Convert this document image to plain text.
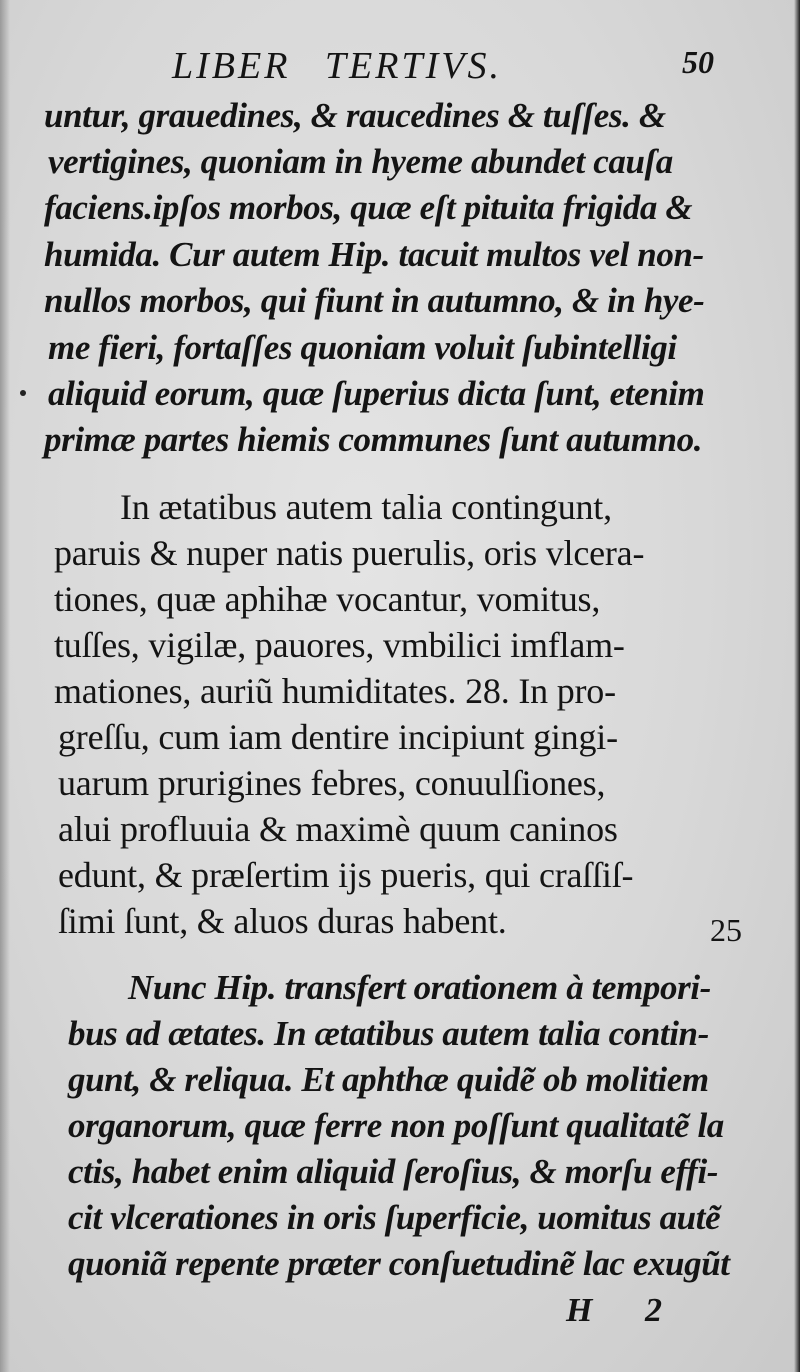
LIBER TERTIVS.	50

untur, grauedines, & raucedines & tuſſes. &

vertigines, quoniam in hyeme abundet cauſa

faciens.ipſos morbos, quæ eſt pituita frigida &

humida. Cur autem Hip. tacuit multos vel non-

nullos morbos, qui fiunt in autumno, & in hye-

me fieri, fortaſſes quoniam voluit ſubintelligi

aliquid eorum, quæ ſuperius dicta ſunt, etenim

primæ partes hiemis communes ſunt autumno.

In ætatibus autem talia contingunt,

paruis & nuper natis puerulis, oris vlcera-

tiones, quæ aphihæ vocantur, vomitus,

tuſſes, vigilæ, pauores, vmbilici imflam-

mationes, auriũ humiditates. 28. In pro-

greſſu, cum iam dentire incipiunt gingi-

uarum prurigines febres, conuulſiones,

alui profluuia & maximè quum caninos

edunt, & præſertim ijs pueris, qui craſſiſ-

ſimi ſunt, & aluos duras habent.	25

Nunc Hip. transfert orationem à tempori-

bus ad ætates. In ætatibus autem talia contin-

gunt, & reliqua. Et aphthæ quidẽ ob molitiem

organorum, quæ ferre non poſſunt qualitatẽ la

ctis, habet enim aliquid ſeroſius, & morſu effi-

cit vlcerationes in oris ſuperficie, uomitus autẽ

quoniã repente præter conſuetudinẽ lac exugũt

H 2
